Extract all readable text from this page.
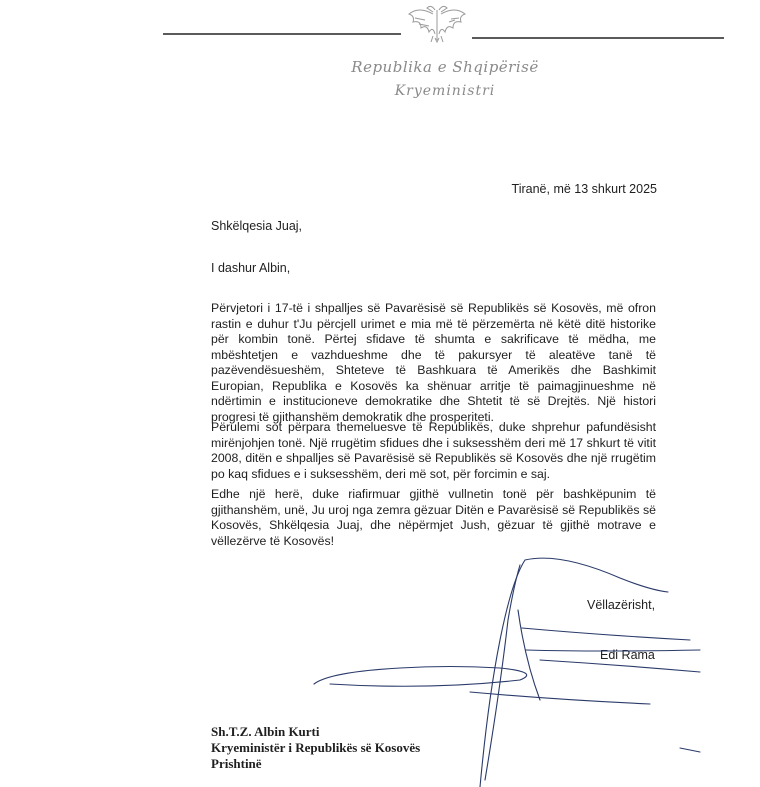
Republika e Shqipërisë
Kryeministri
Tiranë, më 13 shkurt 2025
Shkëlqesia Juaj,
I dashur Albin,

Përvjetori i 17-të i shpalljes së Pavarësisë së Republikës së Kosovës, më ofron rastin e duhur t'Ju përcjell urimet e mia më të përzemërta në këtë ditë historike për kombin tonë. Përtej sfidave të shumta e sakrificave të mëdha, me mbështetjen e vazhdueshme dhe të pakursyer të aleatëve tanë të pazëvendësueshëm, Shteteve të Bashkuara të Amerikës dhe Bashkimit Europian, Republika e Kosovës ka shënuar arritje të paimagjinueshme në ndërtimin e institucioneve demokratike dhe Shtetit të së Drejtës. Një histori progresi të gjithanshëm demokratik dhe prosperiteti.

Përulemi sot përpara themeluesve të Republikës, duke shprehur pafundësisht mirënjohjen tonë. Një rrugëtim sfidues dhe i suksesshëm deri më 17 shkurt të vitit 2008, ditën e shpalljes së Pavarësisë së Republikës së Kosovës dhe një rrugëtim po kaq sfidues e i suksesshëm, deri më sot, për forcimin e saj.

Edhe një herë, duke riafirmuar gjithë vullnetin tonë për bashkëpunim të gjithanshëm, unë, Ju uroj nga zemra gëzuar Ditën e Pavarësisë së Republikës së Kosovës, Shkëlqesia Juaj, dhe nëpërmjet Jush, gëzuar të gjithë motrave e vëllezërve të Kosovës!

Vëllazërisht,
Edi Rama
Sh.T.Z. Albin Kurti
Kryeministër i Republikës së Kosovës
Prishtinë
